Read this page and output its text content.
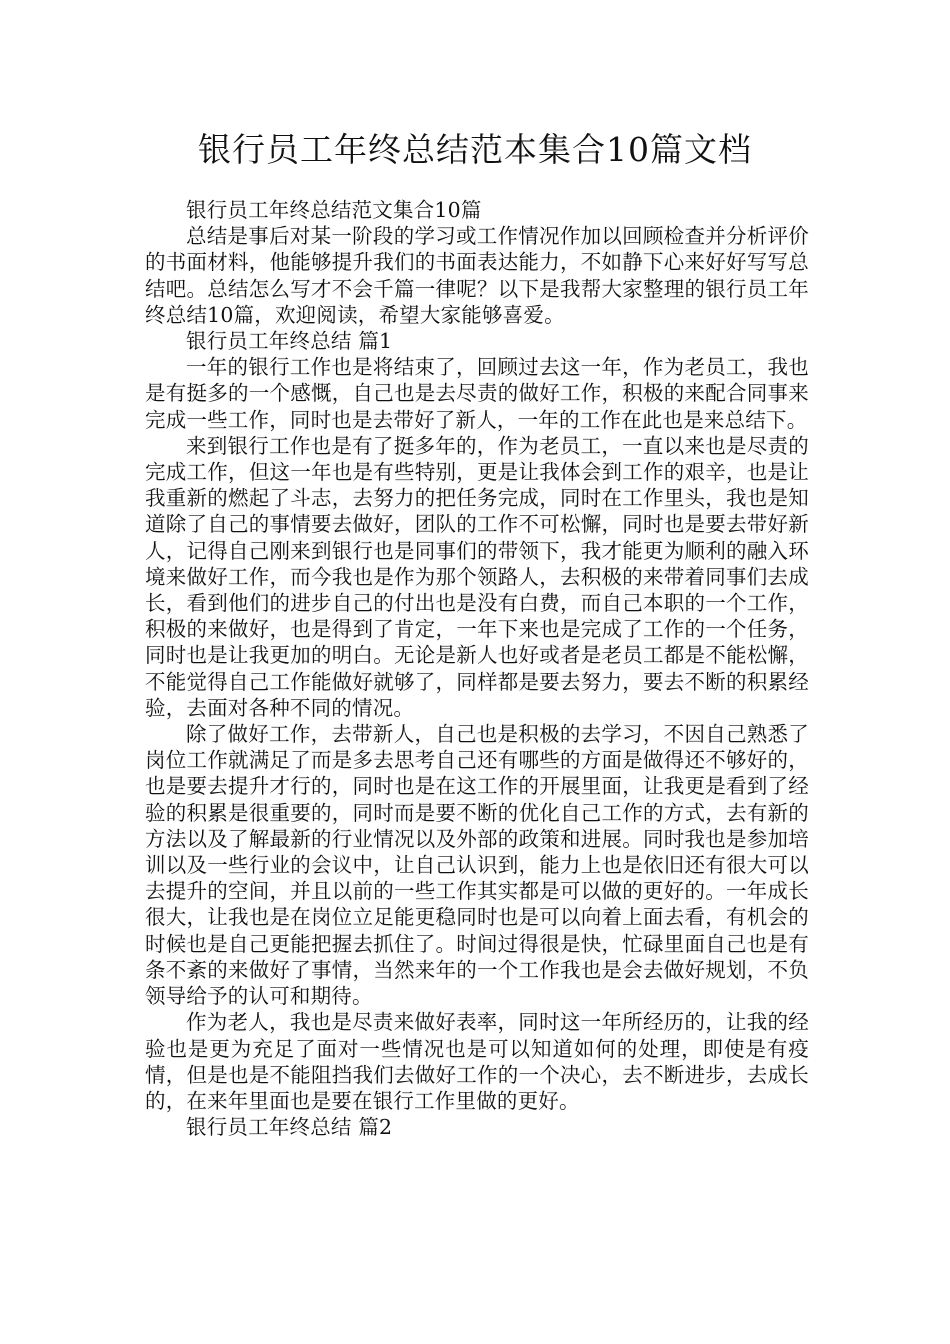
银行员工年终总结范本集合10篇文档

银行员工年终总结范文集合10篇

总结是事后对某一阶段的学习或工作情况作加以回顾检查并分析评价的书面材料，他能够提升我们的书面表达能力，不如静下心来好好写写总结吧。总结怎么写才不会千篇一律呢？以下是我帮大家整理的银行员工年终总结10篇，欢迎阅读，希望大家能够喜爱。

银行员工年终总结 篇1

一年的银行工作也是将结束了，回顾过去这一年，作为老员工，我也是有挺多的一个感慨，自己也是去尽责的做好工作，积极的来配合同事来完成一些工作，同时也是去带好了新人，一年的工作在此也是来总结下。

来到银行工作也是有了挺多年的，作为老员工，一直以来也是尽责的完成工作，但这一年也是有些特别，更是让我体会到工作的艰辛，也是让我重新的燃起了斗志，去努力的把任务完成，同时在工作里头，我也是知道除了自己的事情要去做好，团队的工作不可松懈，同时也是要去带好新人，记得自己刚来到银行也是同事们的带领下，我才能更为顺利的融入环境来做好工作，而今我也是作为那个领路人，去积极的来带着同事们去成长，看到他们的进步自己的付出也是没有白费，而自己本职的一个工作，积极的来做好，也是得到了肯定，一年下来也是完成了工作的一个任务，同时也是让我更加的明白。无论是新人也好或者是老员工都是不能松懈，不能觉得自己工作能做好就够了，同样都是要去努力，要去不断的积累经验，去面对各种不同的情况。

除了做好工作，去带新人，自己也是积极的去学习，不因自己熟悉了岗位工作就满足了而是多去思考自己还有哪些的方面是做得还不够好的，也是要去提升才行的，同时也是在这工作的开展里面，让我更是看到了经验的积累是很重要的，同时而是要不断的优化自己工作的方式，去有新的方法以及了解最新的行业情况以及外部的政策和进展。同时我也是参加培训以及一些行业的会议中，让自己认识到，能力上也是依旧还有很大可以去提升的空间，并且以前的一些工作其实都是可以做的更好的。一年成长很大，让我也是在岗位立足能更稳同时也是可以向着上面去看，有机会的时候也是自己更能把握去抓住了。时间过得很是快，忙碌里面自己也是有条不紊的来做好了事情，当然来年的一个工作我也是会去做好规划，不负领导给予的认可和期待。

作为老人，我也是尽责来做好表率，同时这一年所经历的，让我的经验也是更为充足了面对一些情况也是可以知道如何的处理，即使是有疫情，但是也是不能阻挡我们去做好工作的一个决心，去不断进步，去成长的，在来年里面也是要在银行工作里做的更好。

银行员工年终总结 篇2
